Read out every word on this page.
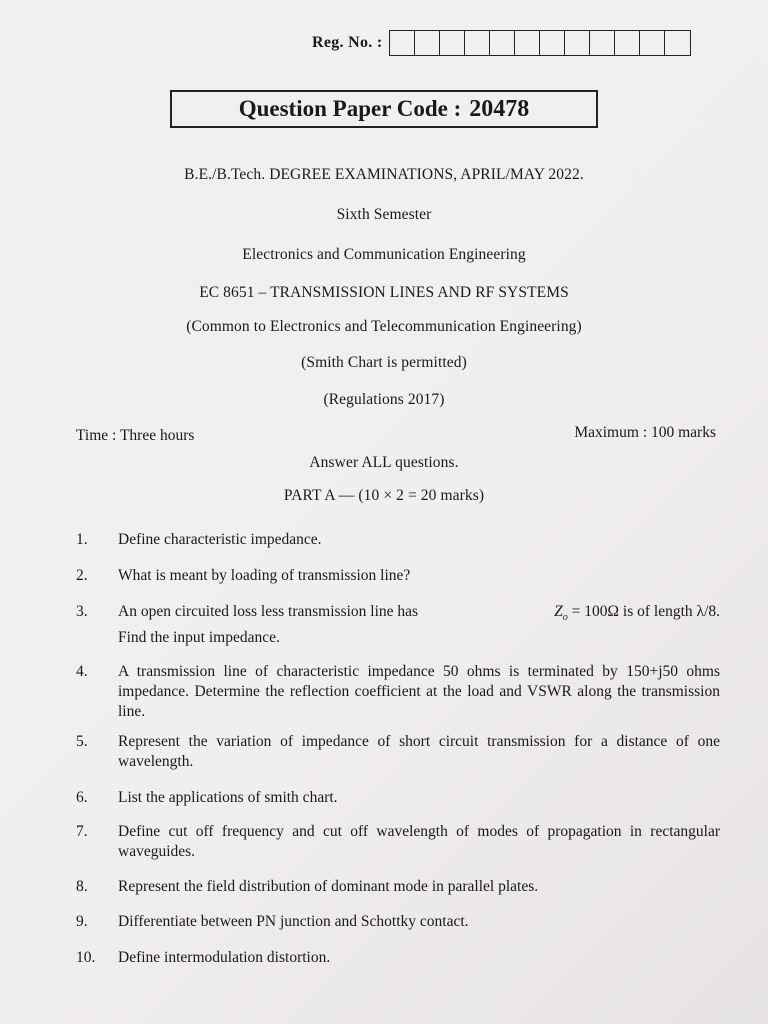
Reg. No. :
Question Paper Code : 20478
B.E./B.Tech. DEGREE EXAMINATIONS, APRIL/MAY 2022.
Sixth Semester
Electronics and Communication Engineering
EC 8651 – TRANSMISSION LINES AND RF SYSTEMS
(Common to Electronics and Telecommunication Engineering)
(Smith Chart is permitted)
(Regulations 2017)
Time : Three hours	Maximum : 100 marks
Answer ALL questions.
PART A — (10 × 2 = 20 marks)
1.	Define characteristic impedance.
2.	What is meant by loading of transmission line?
3.	An open circuited loss less transmission line has	$Z_o = 100\Omega$ is of length λ/8.
Find the input impedance.
4.	A transmission line of characteristic impedance 50 ohms is terminated by 150+j50 ohms impedance. Determine the reflection coefficient at the load and VSWR along the transmission line.
5.	Represent the variation of impedance of short circuit transmission for a distance of one wavelength.
6.	List the applications of smith chart.
7.	Define cut off frequency and cut off wavelength of modes of propagation in rectangular waveguides.
8.	Represent the field distribution of dominant mode in parallel plates.
9.	Differentiate between PN junction and Schottky contact.
10.	Define intermodulation distortion.
